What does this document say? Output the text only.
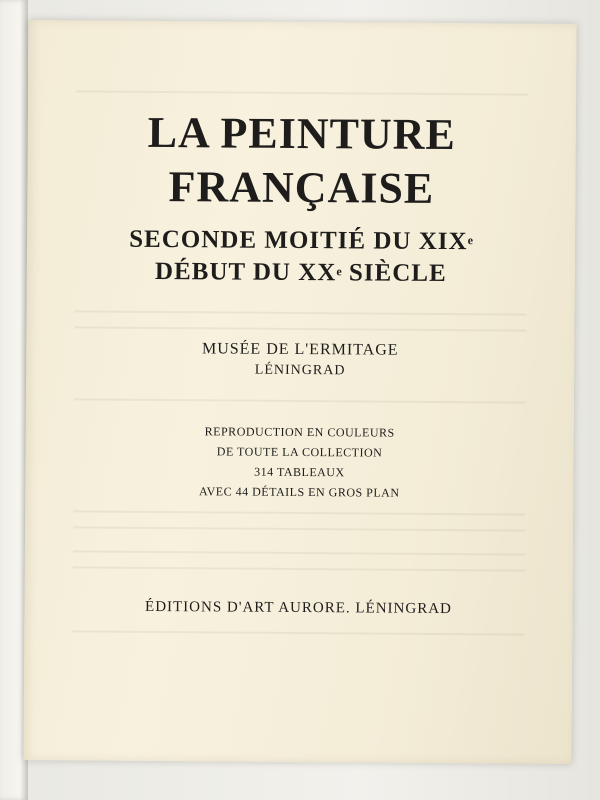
LA PEINTURE
FRANÇAISE
SECONDE MOITIÉ DU XIXe
DÉBUT DU XXe SIÈCLE
MUSÉE DE L'ERMITAGE
LÉNINGRAD
REPRODUCTION EN COULEURS
DE TOUTE LA COLLECTION
314 TABLEAUX
AVEC 44 DÉTAILS EN GROS PLAN
ÉDITIONS D'ART AURORE. LÉNINGRAD
